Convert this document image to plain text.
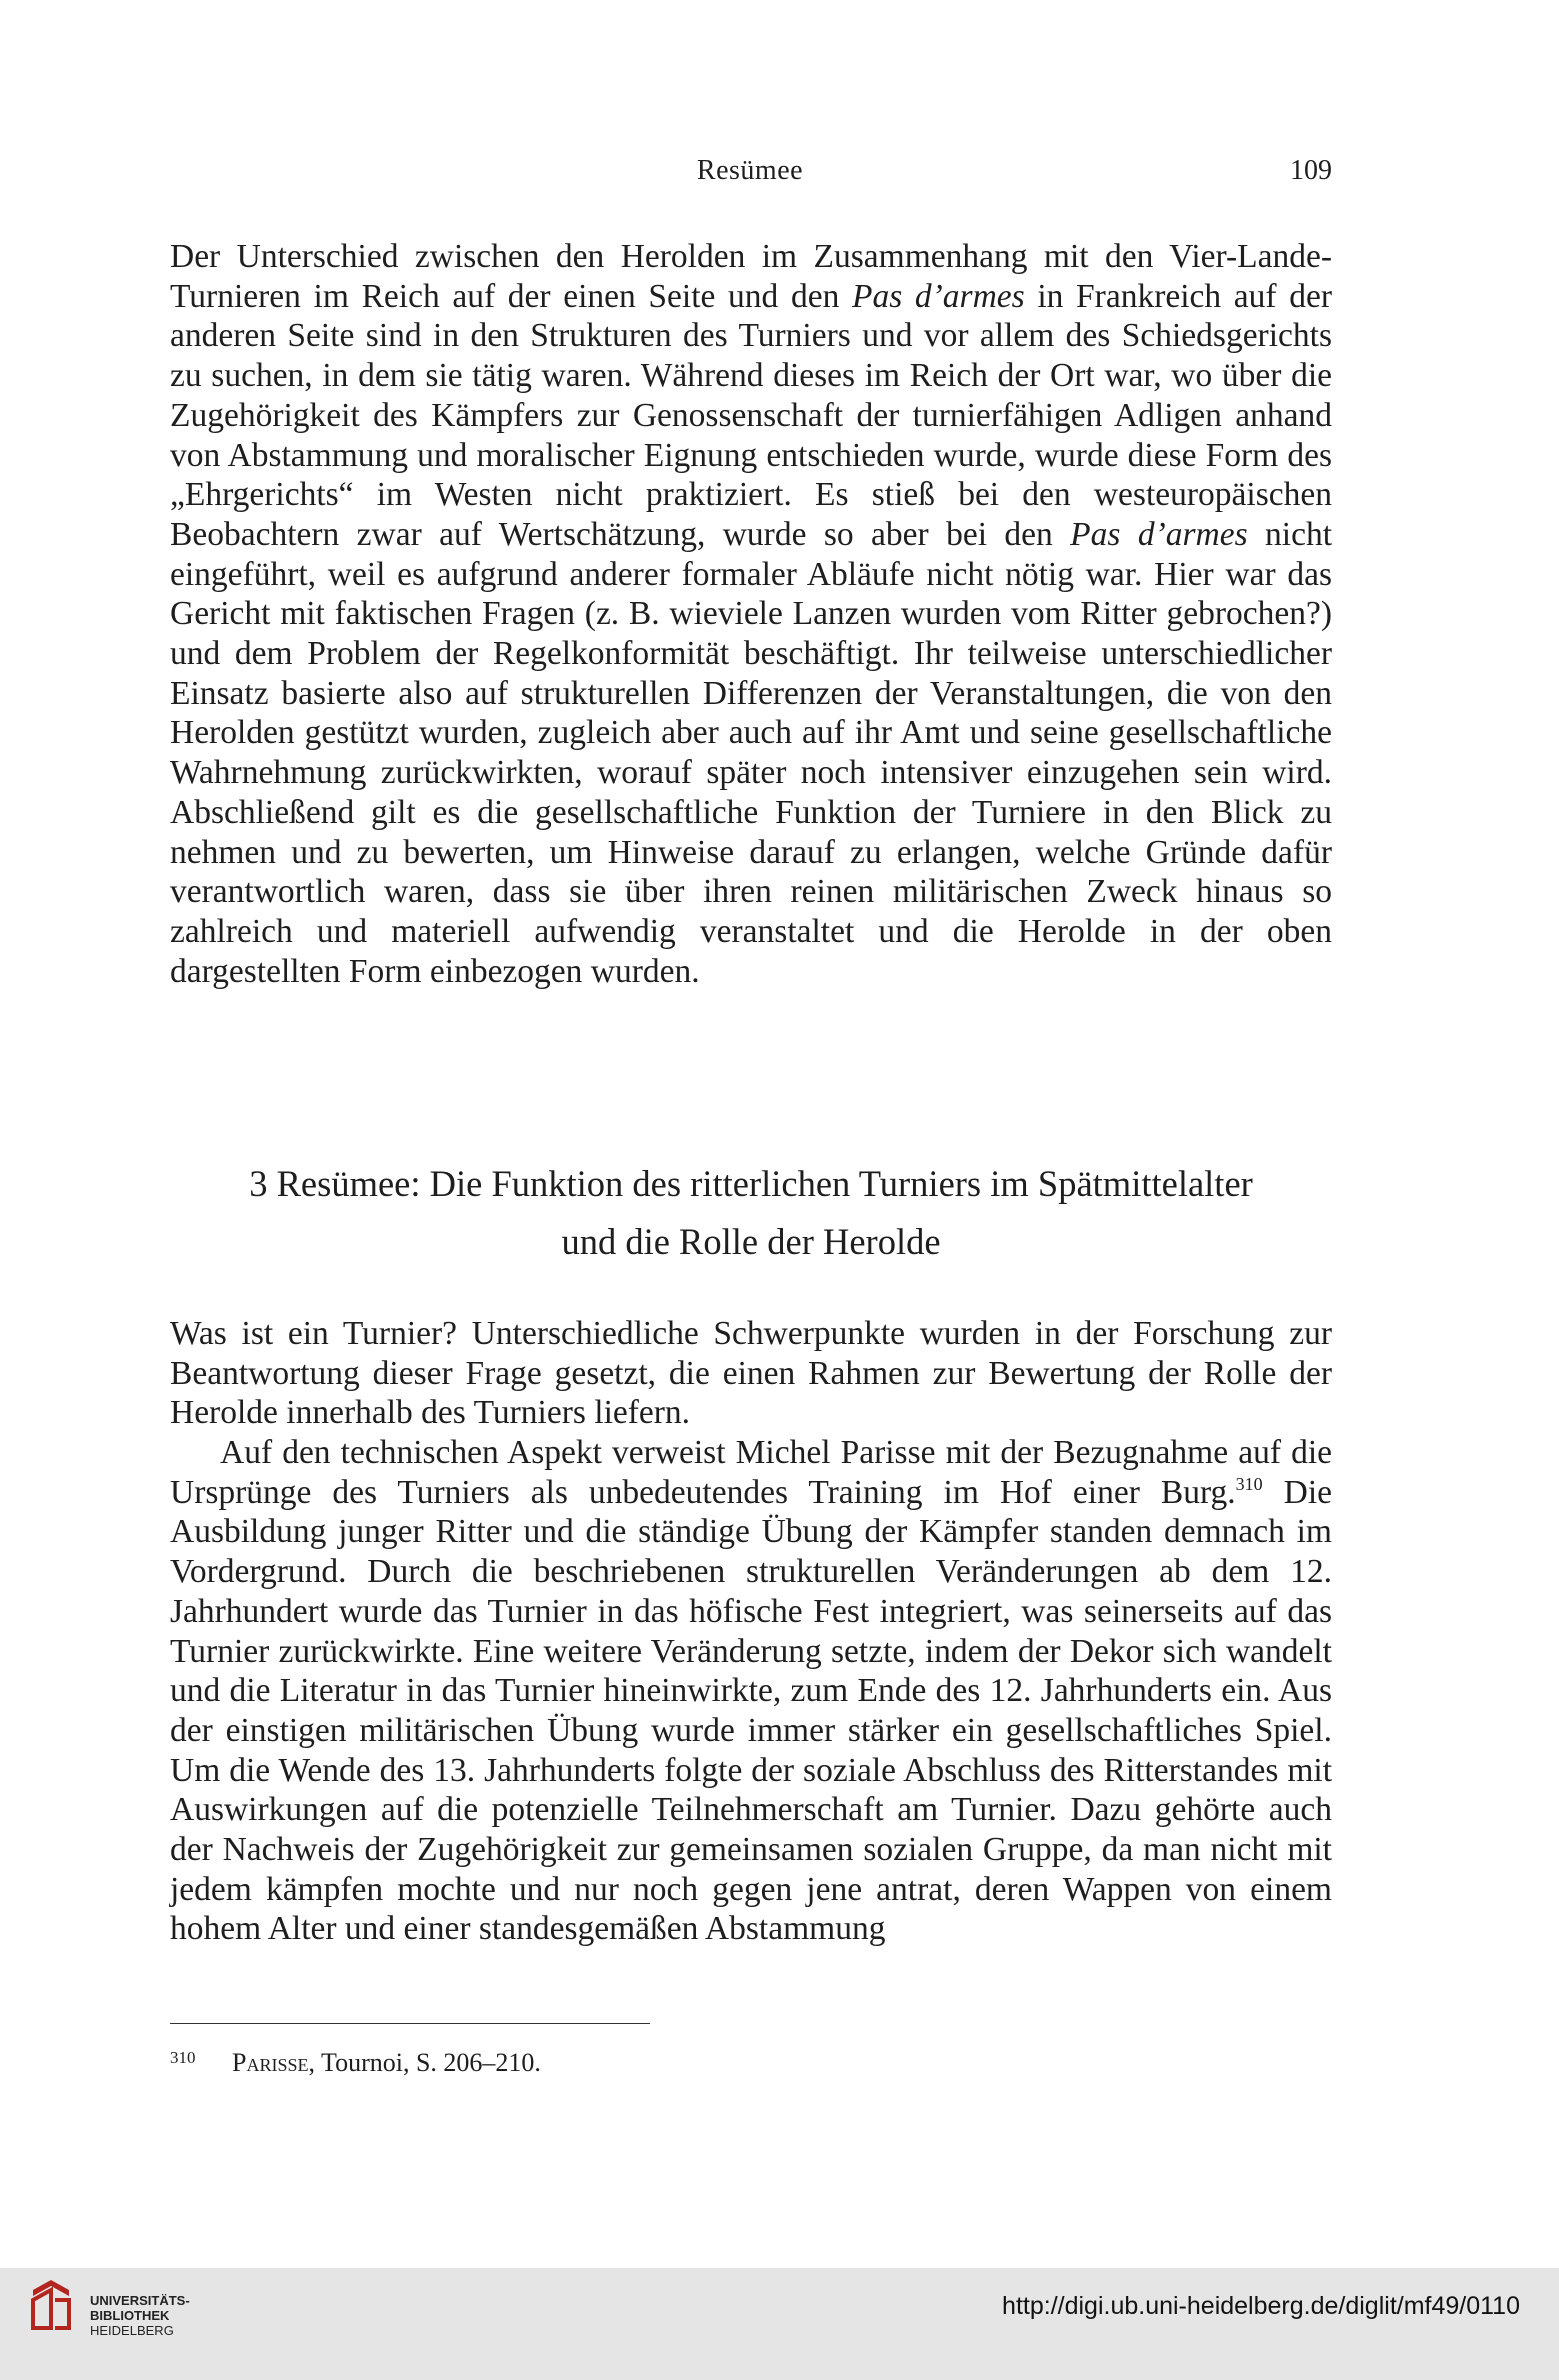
Resümee	109

Der Unterschied zwischen den Herolden im Zusammenhang mit den Vier-Lande-Turnieren im Reich auf der einen Seite und den Pas d’armes in Frankreich auf der anderen Seite sind in den Strukturen des Turniers und vor allem des Schiedsgerichts zu suchen, in dem sie tätig waren. Während dieses im Reich der Ort war, wo über die Zugehörigkeit des Kämpfers zur Genossenschaft der turnierfähigen Adligen anhand von Abstammung und moralischer Eignung entschieden wurde, wurde diese Form des „Ehrgerichts“ im Westen nicht praktiziert. Es stieß bei den westeuropäischen Beobachtern zwar auf Wertschätzung, wurde so aber bei den Pas d’armes nicht eingeführt, weil es aufgrund anderer formaler Abläufe nicht nötig war. Hier war das Gericht mit faktischen Fragen (z. B. wieviele Lanzen wurden vom Ritter gebrochen?) und dem Problem der Regelkonformität beschäftigt. Ihr teilweise unterschiedlicher Einsatz basierte also auf strukturellen Differenzen der Veranstaltungen, die von den Herolden gestützt wurden, zugleich aber auch auf ihr Amt und seine gesellschaftliche Wahrnehmung zurückwirkten, worauf später noch intensiver einzugehen sein wird. Abschließend gilt es die gesellschaftliche Funktion der Turniere in den Blick zu nehmen und zu bewerten, um Hinweise darauf zu erlangen, welche Gründe dafür verantwortlich waren, dass sie über ihren reinen militärischen Zweck hinaus so zahlreich und materiell aufwendig veranstaltet und die Herolde in der oben dargestellten Form einbezogen wurden.

3 Resümee: Die Funktion des ritterlichen Turniers im Spätmittelalter
und die Rolle der Herolde

Was ist ein Turnier? Unterschiedliche Schwerpunkte wurden in der Forschung zur Beantwortung dieser Frage gesetzt, die einen Rahmen zur Bewertung der Rolle der Herolde innerhalb des Turniers liefern.

Auf den technischen Aspekt verweist Michel Parisse mit der Bezugnahme auf die Ursprünge des Turniers als unbedeutendes Training im Hof einer Burg.$^{310}$ Die Ausbildung junger Ritter und die ständige Übung der Kämpfer standen demnach im Vordergrund. Durch die beschriebenen strukturellen Veränderungen ab dem 12. Jahrhundert wurde das Turnier in das höfische Fest integriert, was seinerseits auf das Turnier zurückwirkte. Eine weitere Veränderung setzte, indem der Dekor sich wandelt und die Literatur in das Turnier hineinwirkte, zum Ende des 12. Jahrhunderts ein. Aus der einstigen militärischen Übung wurde immer stärker ein gesellschaftliches Spiel. Um die Wende des 13. Jahrhunderts folgte der soziale Abschluss des Ritterstandes mit Auswirkungen auf die potenzielle Teilnehmerschaft am Turnier. Dazu gehörte auch der Nachweis der Zugehörigkeit zur gemeinsamen sozialen Gruppe, da man nicht mit jedem kämpfen mochte und nur noch gegen jene antrat, deren Wappen von einem hohem Alter und einer standesgemäßen Abstammung

310 Parisse, Tournoi, S. 206–210.
UNIVERSITÄTS-
BIBLIOTHEK
HEIDELBERG
http://digi.ub.uni-heidelberg.de/diglit/mf49/0110
